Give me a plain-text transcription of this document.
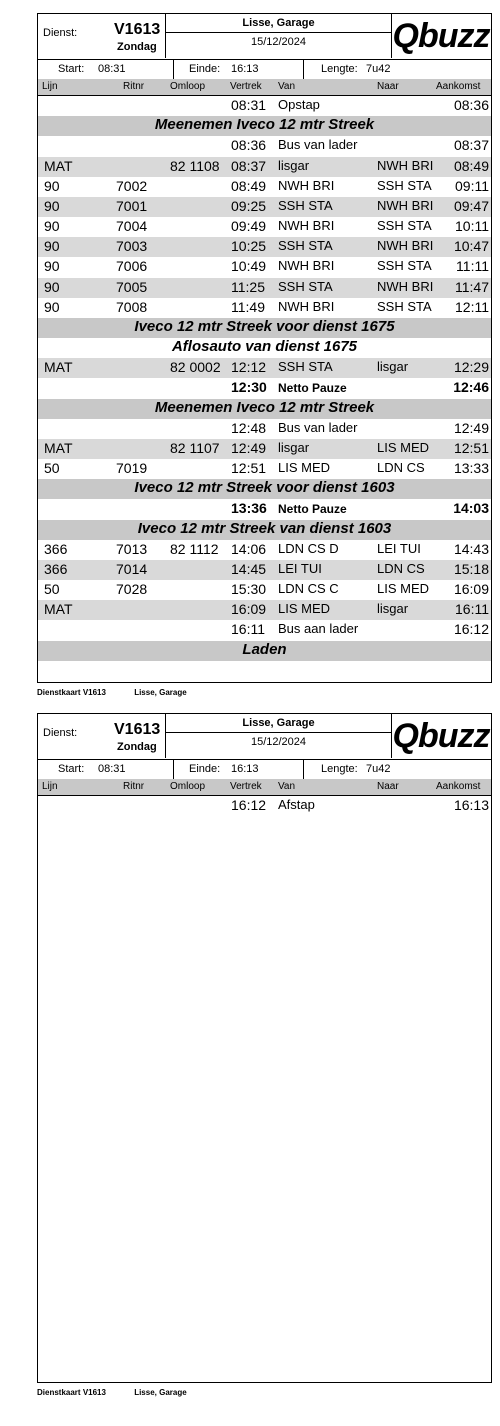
Dienst: V1613
Zondag
Lisse, Garage
15/12/2024	Qbuzz
Start: 08:31	Einde: 16:13	Lengte: 7u42
Lijn	Ritnr	Omloop Vertrek Van	Naar	Aankomst
08:31 Opstap	08:36
Meenemen Iveco 12 mtr Streek
08:36 Bus van lader	08:37
MAT	82 1108 08:37 lisgar	NWH BRI 08:49
90	7002	08:49 NWH BRI	SSH STA 09:11
90	7001	09:25 SSH STA	NWH BRI 09:47
90	7004	09:49 NWH BRI	SSH STA 10:11
90	7003	10:25 SSH STA	NWH BRI 10:47
90	7006	10:49 NWH BRI	SSH STA 11:11
90	7005	11:25 SSH STA	NWH BRI 11:47
90	7008	11:49 NWH BRI	SSH STA 12:11
Iveco 12 mtr Streek voor dienst 1675
Aflosauto van dienst 1675
MAT	82 0002 12:12 SSH STA	lisgar	12:29
12:30 Netto Pauze	12:46
Meenemen Iveco 12 mtr Streek
12:48 Bus van lader	12:49
MAT	82 1107 12:49 lisgar	LIS MED 12:51
50	7019	12:51 LIS MED	LDN CS 13:33
Iveco 12 mtr Streek voor dienst 1603
13:36 Netto Pauze	14:03
Iveco 12 mtr Streek van dienst 1603
366	7013 82 1112 14:06 LDN CS D	LEI TUI 14:43
366	7014	14:45 LEI TUI	LDN CS 15:18
50	7028	15:30 LDN CS C	LIS MED 16:09
MAT	16:09 LIS MED	lisgar	16:11
16:11 Bus aan lader	16:12
Laden
Dienstkaart V1613	Lisse, Garage
Dienst: V1613
Zondag
Lisse, Garage
15/12/2024	Qbuzz
Start: 08:31	Einde: 16:13	Lengte: 7u42
Lijn	Ritnr	Omloop Vertrek Van	Naar	Aankomst
16:12 Afstap	16:13
Dienstkaart V1613	Lisse, Garage
